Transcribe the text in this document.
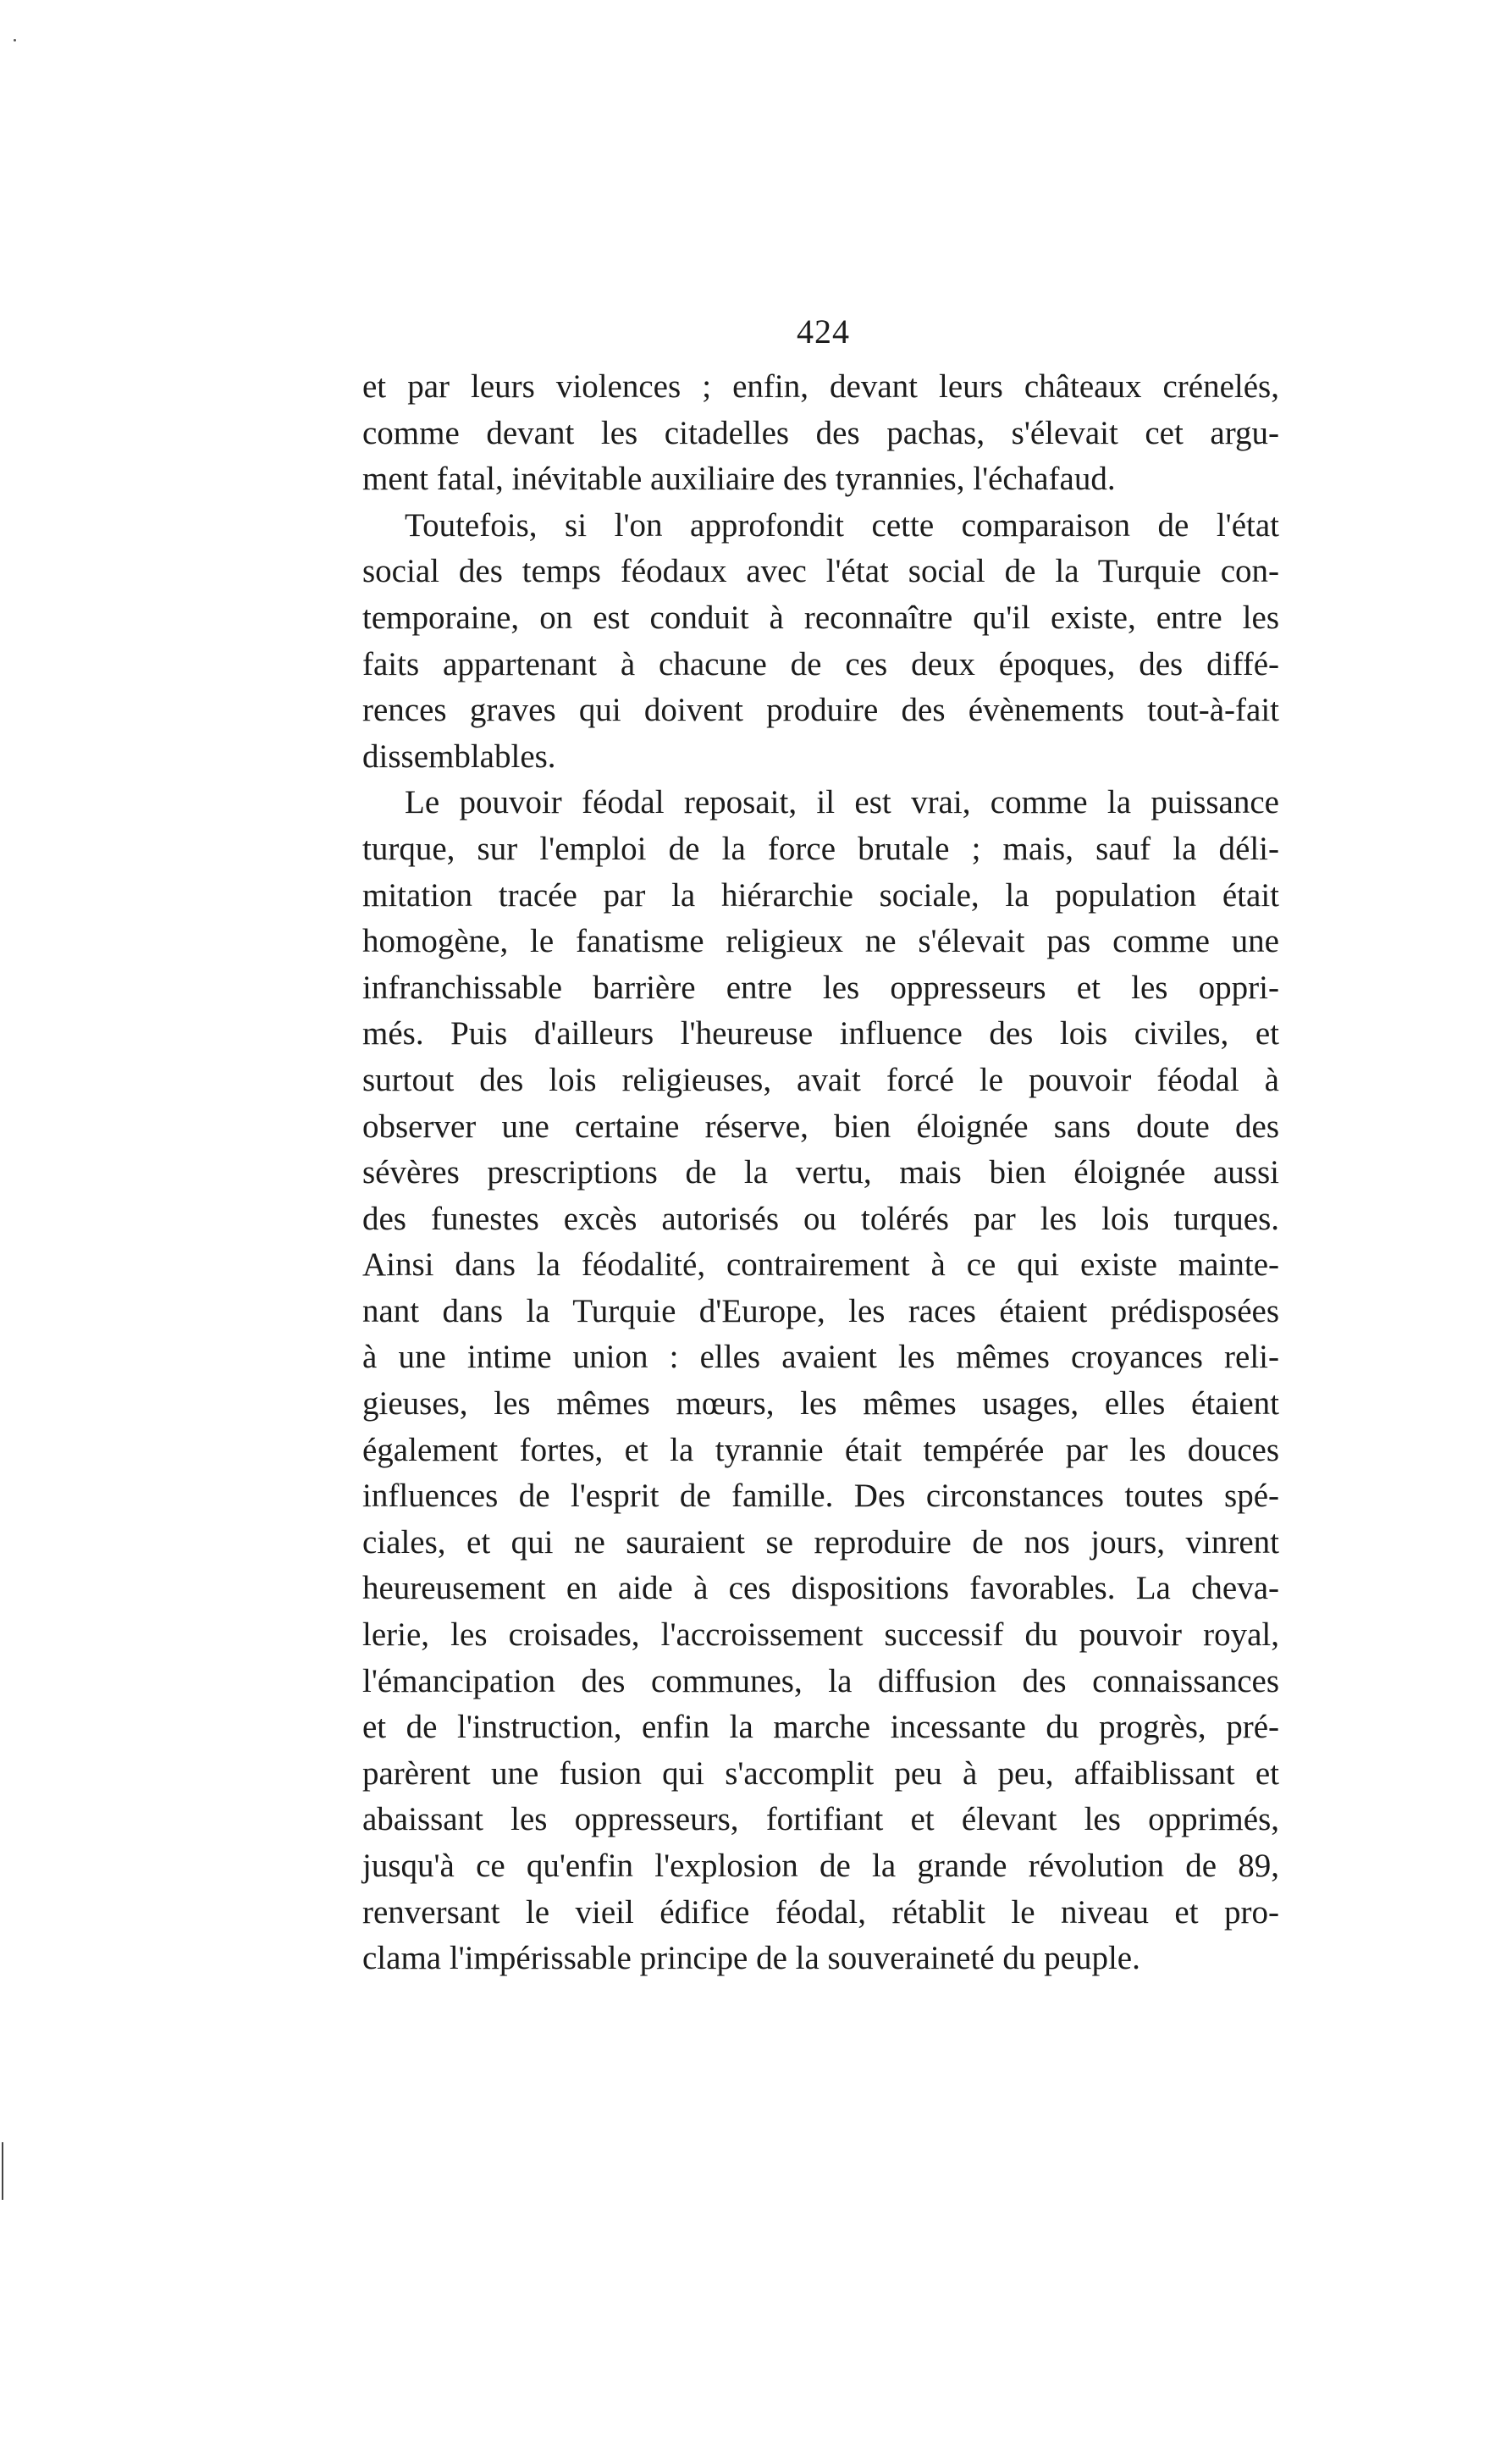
424
et par leurs violences ; enfin, devant leurs châteaux crénelés,
comme devant les citadelles des pachas, s'élevait cet argu-
ment fatal, inévitable auxiliaire des tyrannies, l'échafaud.
Toutefois, si l'on approfondit cette comparaison de l'état
social des temps féodaux avec l'état social de la Turquie con-
temporaine, on est conduit à reconnaître qu'il existe, entre les
faits appartenant à chacune de ces deux époques, des diffé-
rences graves qui doivent produire des évènements tout-à-fait
dissemblables.
Le pouvoir féodal reposait, il est vrai, comme la puissance
turque, sur l'emploi de la force brutale ; mais, sauf la déli-
mitation tracée par la hiérarchie sociale, la population était
homogène, le fanatisme religieux ne s'élevait pas comme une
infranchissable barrière entre les oppresseurs et les oppri-
més. Puis d'ailleurs l'heureuse influence des lois civiles, et
surtout des lois religieuses, avait forcé le pouvoir féodal à
observer une certaine réserve, bien éloignée sans doute des
sévères prescriptions de la vertu, mais bien éloignée aussi
des funestes excès autorisés ou tolérés par les lois turques.
Ainsi dans la féodalité, contrairement à ce qui existe mainte-
nant dans la Turquie d'Europe, les races étaient prédisposées
à une intime union : elles avaient les mêmes croyances reli-
gieuses, les mêmes mœurs, les mêmes usages, elles étaient
également fortes, et la tyrannie était tempérée par les douces
influences de l'esprit de famille. Des circonstances toutes spé-
ciales, et qui ne sauraient se reproduire de nos jours, vinrent
heureusement en aide à ces dispositions favorables. La cheva-
lerie, les croisades, l'accroissement successif du pouvoir royal,
l'émancipation des communes, la diffusion des connaissances
et de l'instruction, enfin la marche incessante du progrès, pré-
parèrent une fusion qui s'accomplit peu à peu, affaiblissant et
abaissant les oppresseurs, fortifiant et élevant les opprimés,
jusqu'à ce qu'enfin l'explosion de la grande révolution de 89,
renversant le vieil édifice féodal, rétablit le niveau et pro-
clama l'impérissable principe de la souveraineté du peuple.
